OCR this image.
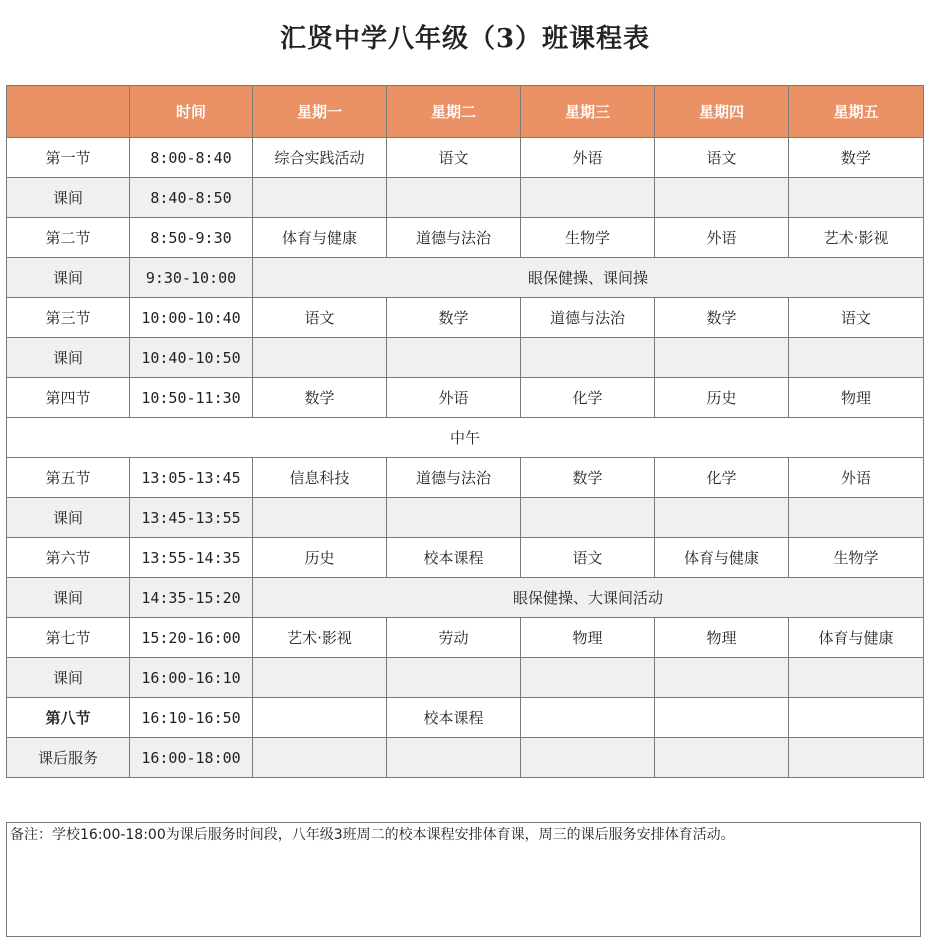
汇贤中学八年级（3）班课程表
	时间	星期一	星期二	星期三	星期四	星期五
第一节	8:00-8:40	综合实践活动	语文	外语	语文	数学
课间	8:40-8:50					
第二节	8:50-9:30	体育与健康	道德与法治	生物学	外语	艺术·影视
课间	9:30-10:00	眼保健操、课间操				
第三节	10:00-10:40	语文	数学	道德与法治	数学	语文
课间	10:40-10:50					
第四节	10:50-11:30	数学	外语	化学	历史	物理
中午						
第五节	13:05-13:45	信息科技	道德与法治	数学	化学	外语
课间	13:45-13:55					
第六节	13:55-14:35	历史	校本课程	语文	体育与健康	生物学
课间	14:35-15:20	眼保健操、大课间活动				
第七节	15:20-16:00	艺术·影视	劳动	物理	物理	体育与健康
课间	16:00-16:10					
第八节	16:10-16:50		校本课程			
课后服务	16:00-18:00					
备注：学校16:00-18:00为课后服务时间段，八年级3班周二的校本课程安排体育课，周三的课后服务安排体育活动。
